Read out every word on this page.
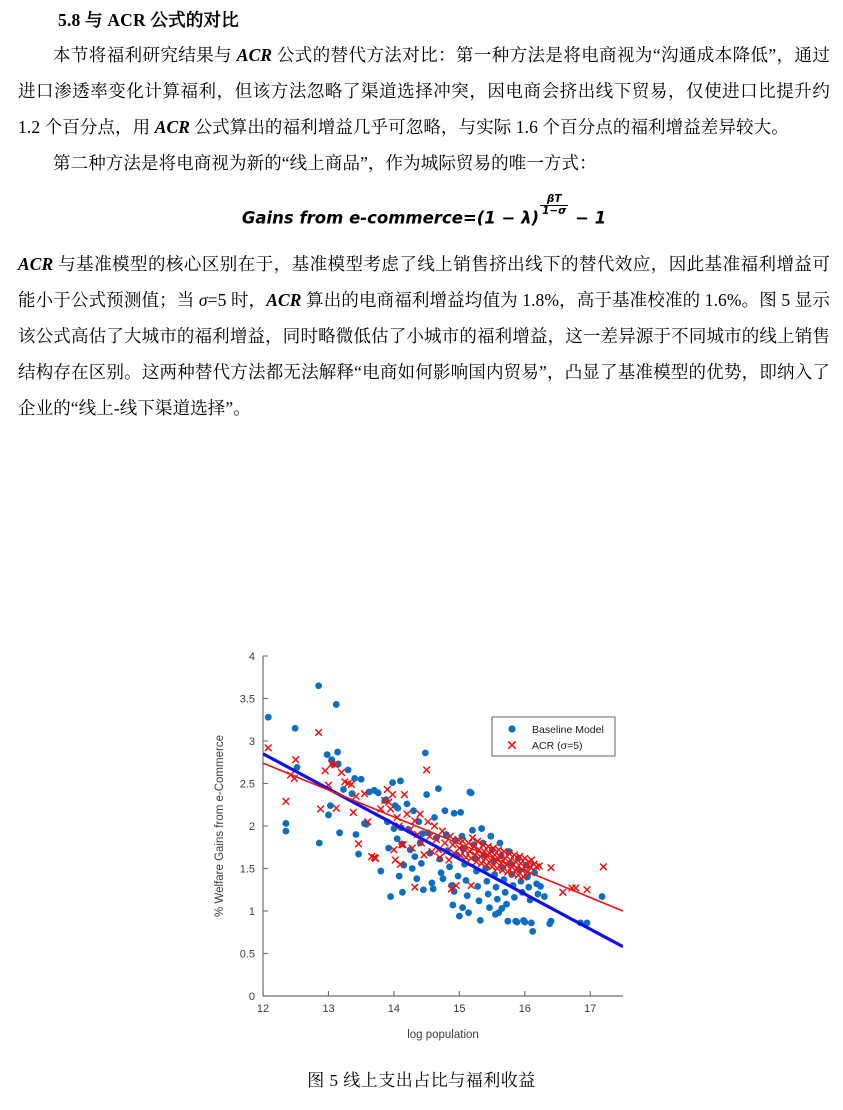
5.8 与 ACR 公式的对比

本节将福利研究结果与 ACR 公式的替代方法对比：第一种方法是将电商视为“沟通成本降低”，通过进口渗透率变化计算福利，但该方法忽略了渠道选择冲突，因电商会挤出线下贸易，仅使进口比提升约 1.2 个百分点，用 ACR 公式算出的福利增益几乎可忽略，与实际 1.6 个百分点的福利增益差异较大。

第二种方法是将电商视为新的“线上商品”，作为城际贸易的唯一方式：

Gains from e-commerce=(1 − λ)
$\frac{\beta T}{1-\sigma}$
− 1

ACR 与基准模型的核心区别在于，基准模型考虑了线上销售挤出线下的替代效应，因此基准福利增益可能小于公式预测值；当 σ=5 时，ACR 算出的电商福利增益均值为 1.8%，高于基准校准的 1.6%。图 5 显示该公式高估了大城市的福利增益，同时略微低估了小城市的福利增益，这一差异源于不同城市的线上销售结构存在区别。这两种替代方法都无法解释“电商如何影响国内贸易”，凸显了基准模型的优势，即纳入了企业的“线上-线下渠道选择”。

0
0.5
1
1.5
2
2.5
3
3.5
4
12	13	14	15	16	17
log population
% Welfare Gains from e-Commerce
Baseline Model
ACR (σ=5)
图 5 线上支出占比与福利收益
